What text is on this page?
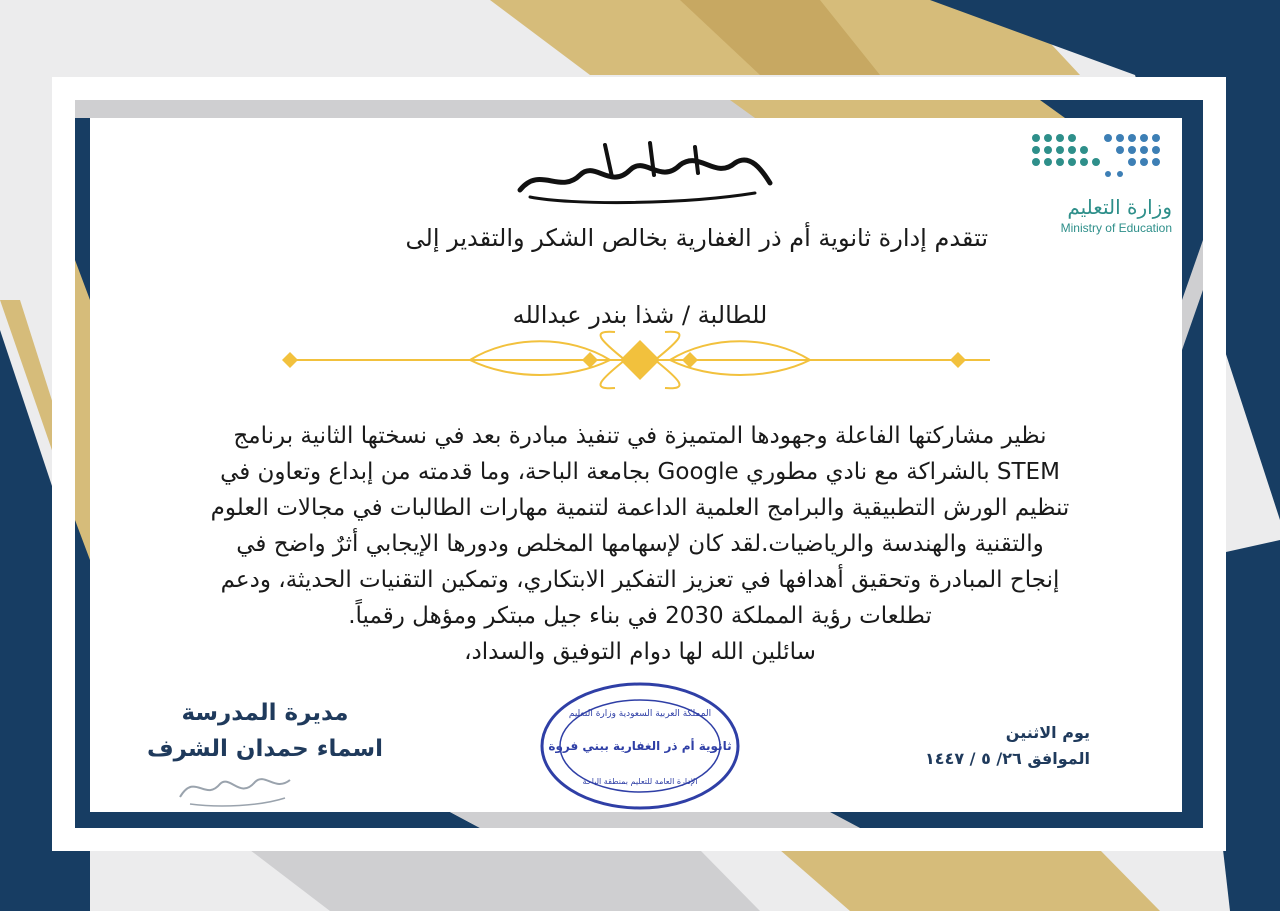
شهادة شكر وتقدير	وزارة التعليم
Ministry of Education
تتقدم إدارة ثانوية أم ذر الغفارية بخالص الشكر والتقدير إلى
للطالبة / شذا بندر عبدالله
نظير مشاركتها الفاعلة وجهودها المتميزة في تنفيذ مبادرة بعد في نسختها الثانية برنامج
STEM بالشراكة مع نادي مطوري Google بجامعة الباحة، وما قدمته من إبداع وتعاون في
تنظيم الورش التطبيقية والبرامج العلمية الداعمة لتنمية مهارات الطالبات في مجالات العلوم
والتقنية والهندسة والرياضيات.لقد كان لإسهامها المخلص ودورها الإيجابي أثرٌ واضح في
إنجاح المبادرة وتحقيق أهدافها في تعزيز التفكير الابتكاري، وتمكين التقنيات الحديثة، ودعم
تطلعات رؤية المملكة 2030 في بناء جيل مبتكر ومؤهل رقمياً.
سائلين الله لها دوام التوفيق والسداد،
مديرة المدرسة
اسماء حمدان الشرف
المملكة العربية السعودية وزارة التعليم
ثانوية أم ذر الغفارية ببني فروة
الإدارة العامة للتعليم بمنطقة الباحة
يوم الاثنين
الموافق ٢٦/ ٥ / ١٤٤٧
